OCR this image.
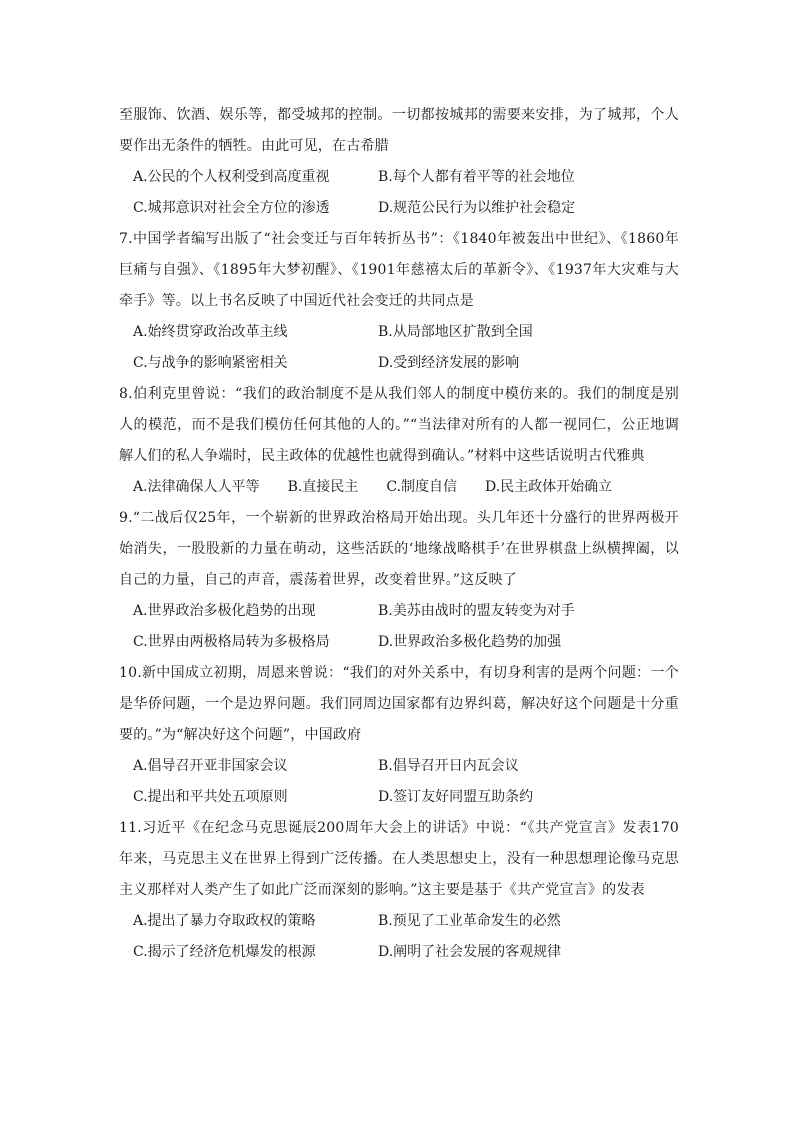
至服饰、饮酒、娱乐等，都受城邦的控制。一切都按城邦的需要来安排，为了城邦，个人要作出无条件的牺牲。由此可见，在古希腊

A.公民的个人权利受到高度重视	B.每个人都有着平等的社会地位
C.城邦意识对社会全方位的渗透	D.规范公民行为以维护社会稳定

7.中国学者编写出版了“社会变迁与百年转折丛书”：《1840年被轰出中世纪》、《1860年巨痛与自强》、《1895年大梦初醒》、《1901年慈禧太后的革新令》、《1937年大灾难与大牵手》等。以上书名反映了中国近代社会变迁的共同点是

A.始终贯穿政治改革主线	B.从局部地区扩散到全国
C.与战争的影响紧密相关	D.受到经济发展的影响

8.伯利克里曾说：“我们的政治制度不是从我们邻人的制度中模仿来的。我们的制度是别人的模范，而不是我们模仿任何其他的人的。”“当法律对所有的人都一视同仁，公正地调解人们的私人争端时，民主政体的优越性也就得到确认。”材料中这些话说明古代雅典

A.法律确保人人平等 B.直接民主 C.制度自信 D.民主政体开始确立

9.“二战后仅25年，一个崭新的世界政治格局开始出现。头几年还十分盛行的世界两极开始消失，一股股新的力量在萌动，这些活跃的‘地缘战略棋手’在世界棋盘上纵横捭阖，以自己的力量，自己的声音，震荡着世界，改变着世界。”这反映了

A.世界政治多极化趋势的出现	B.美苏由战时的盟友转变为对手
C.世界由两极格局转为多极格局	D.世界政治多极化趋势的加强

10.新中国成立初期，周恩来曾说：“我们的对外关系中，有切身利害的是两个问题：一个是华侨问题，一个是边界问题。我们同周边国家都有边界纠葛，解决好这个问题是十分重要的。”为“解决好这个问题”，中国政府

A.倡导召开亚非国家会议	B.倡导召开日内瓦会议
C.提出和平共处五项原则	D.签订友好同盟互助条约

11.习近平《在纪念马克思诞辰200周年大会上的讲话》中说：“《共产党宣言》发表170年来，马克思主义在世界上得到广泛传播。在人类思想史上，没有一种思想理论像马克思主义那样对人类产生了如此广泛而深刻的影响。”这主要是基于《共产党宣言》的发表

A.提出了暴力夺取政权的策略	B.预见了工业革命发生的必然
C.揭示了经济危机爆发的根源	D.阐明了社会发展的客观规律
